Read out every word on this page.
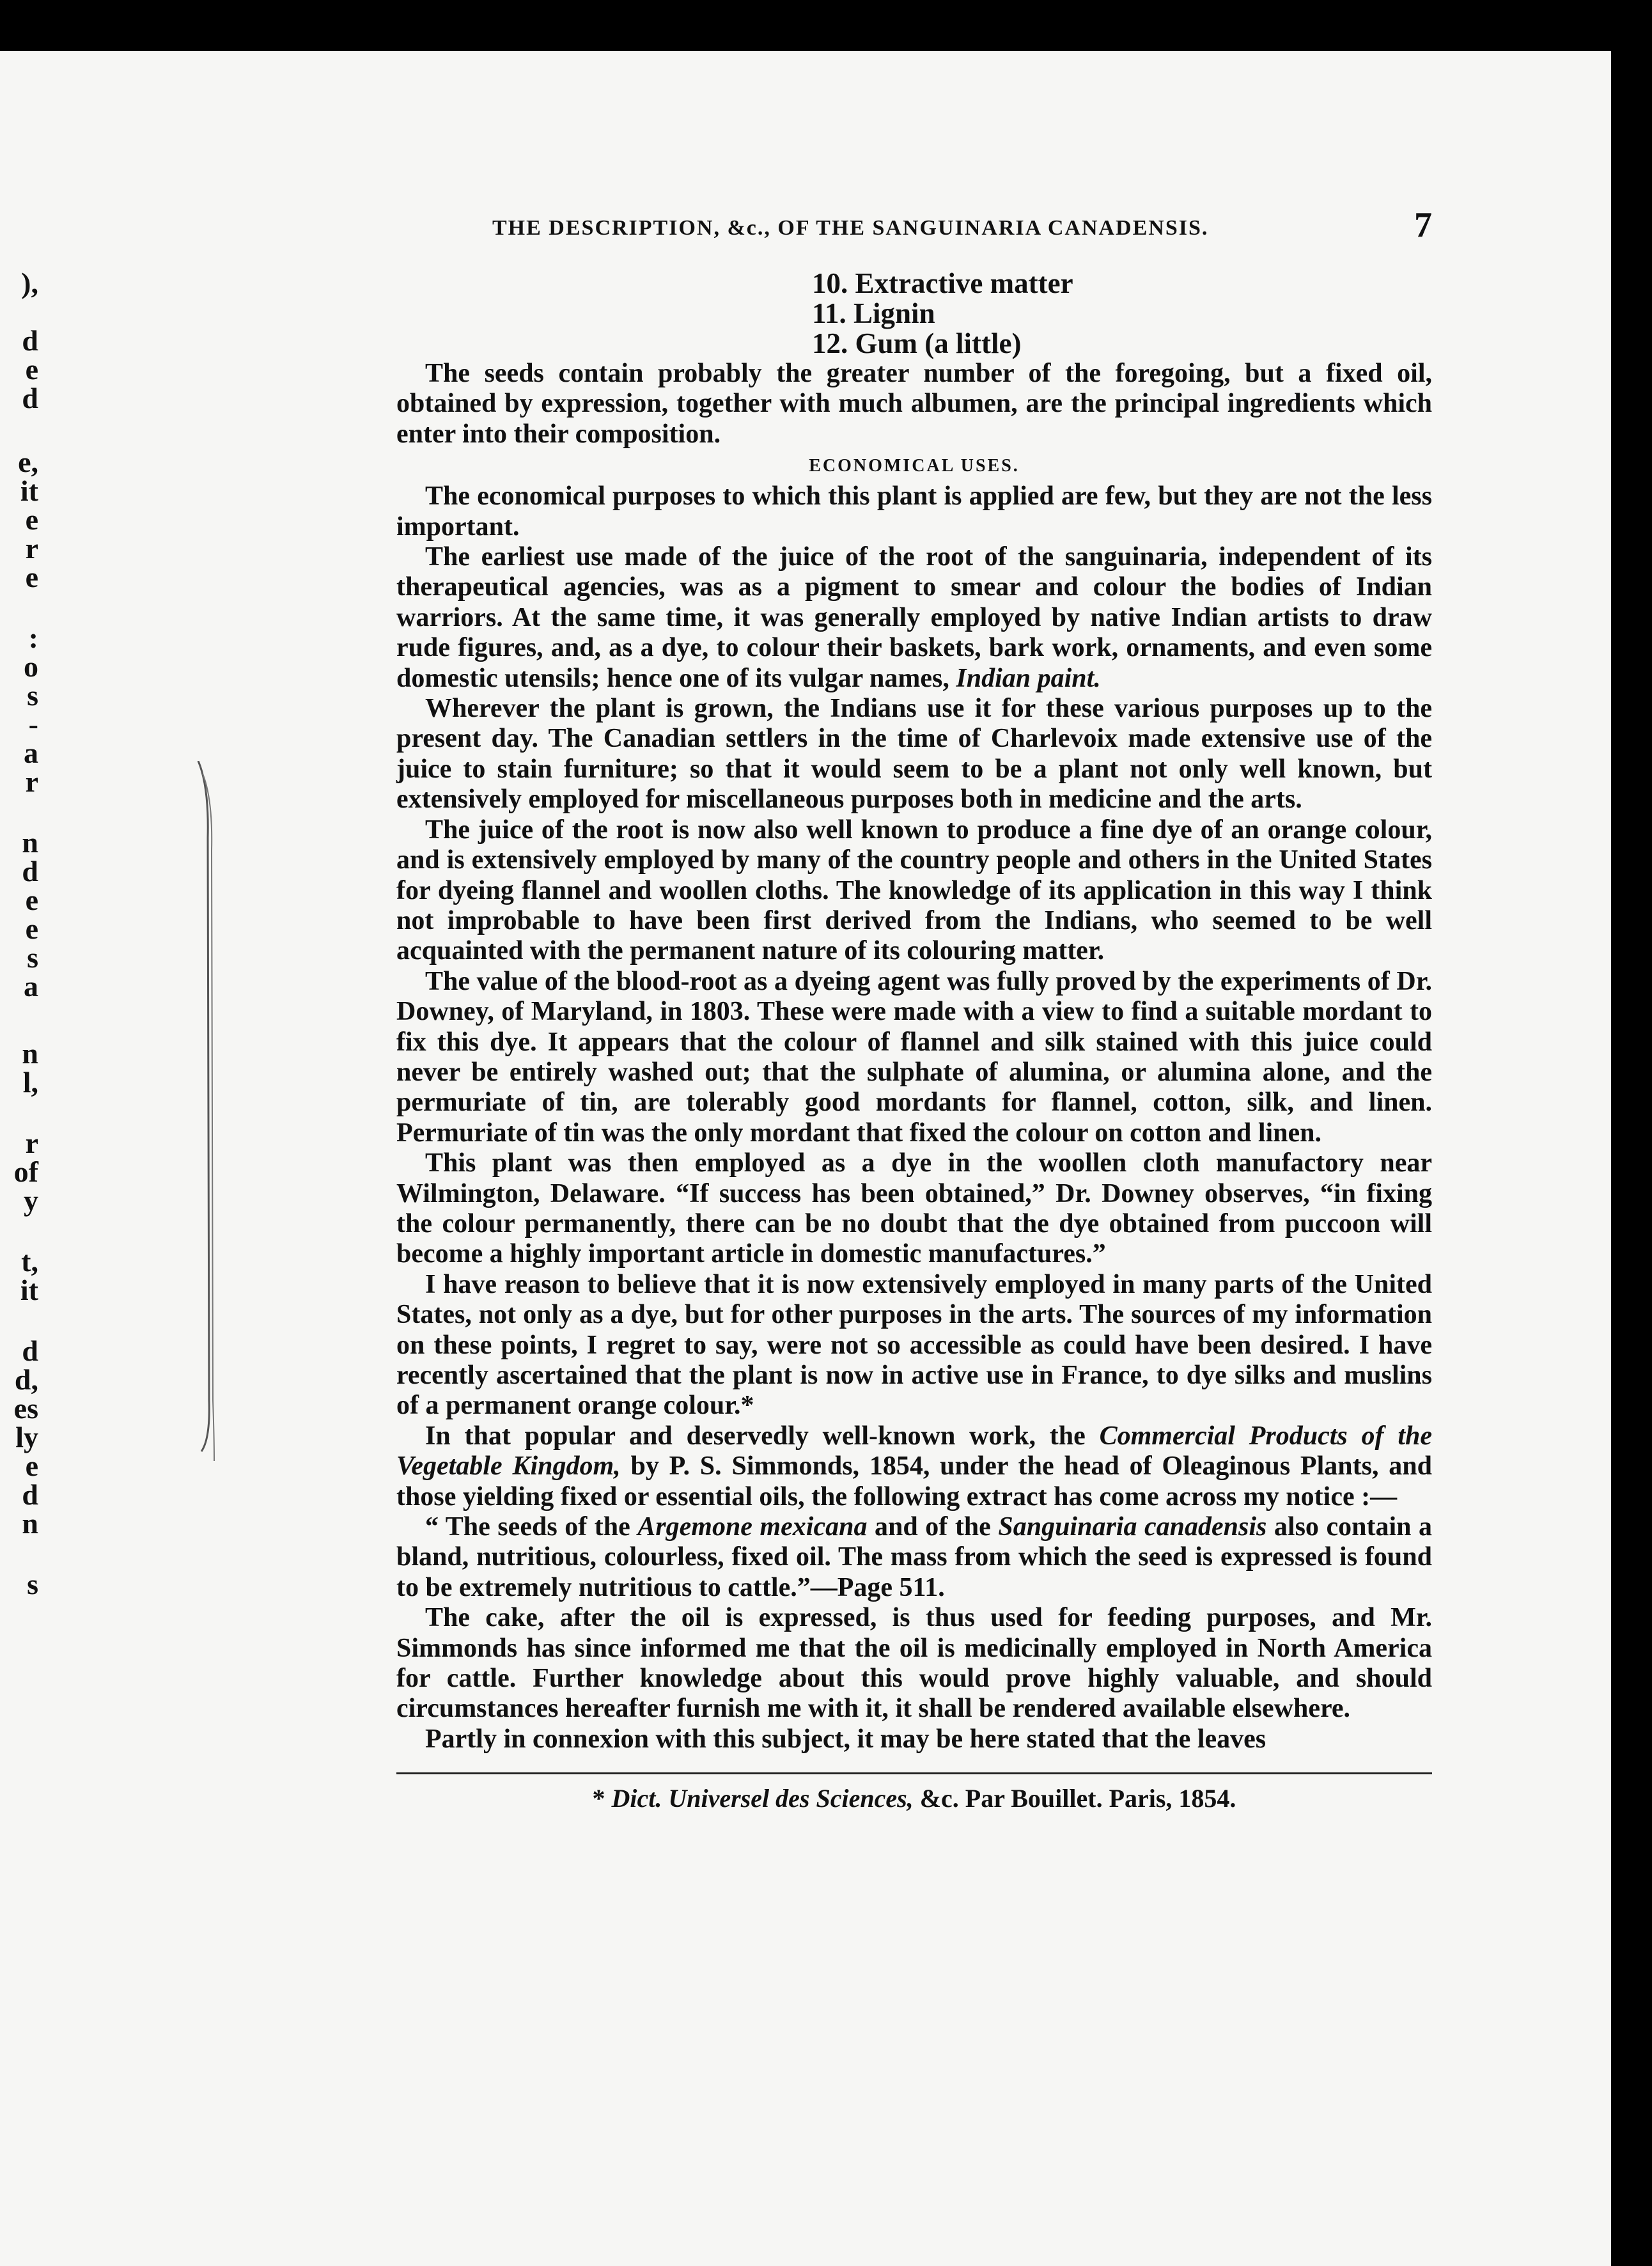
),
d
e
d
e,
it
e
r
e
:
o
s
-
a
r
n
d
e
e
s
a
n
l,
r
of
y
t,
it
d
d,
es
ly
e
d
n
s
THE DESCRIPTION, &c., OF THE SANGUINARIA CANADENSIS.	7
10. Extractive matter
11. Lignin
12. Gum (a little)

The seeds contain probably the greater number of the foregoing, but a fixed oil, obtained by expression, together with much albumen, are the principal ingredients which enter into their composition.

ECONOMICAL USES.

The economical purposes to which this plant is applied are few, but they are not the less important.

The earliest use made of the juice of the root of the sanguinaria, independent of its therapeutical agencies, was as a pigment to smear and colour the bodies of Indian warriors. At the same time, it was generally employed by native Indian artists to draw rude figures, and, as a dye, to colour their baskets, bark work, ornaments, and even some domestic utensils; hence one of its vulgar names, Indian paint.

Wherever the plant is grown, the Indians use it for these various purposes up to the present day. The Canadian settlers in the time of Charlevoix made extensive use of the juice to stain furniture; so that it would seem to be a plant not only well known, but extensively employed for miscellaneous purposes both in medicine and the arts.

The juice of the root is now also well known to produce a fine dye of an orange colour, and is extensively employed by many of the country people and others in the United States for dyeing flannel and woollen cloths. The knowledge of its application in this way I think not improbable to have been first derived from the Indians, who seemed to be well acquainted with the permanent nature of its colouring matter.

The value of the blood-root as a dyeing agent was fully proved by the experiments of Dr. Downey, of Maryland, in 1803. These were made with a view to find a suitable mordant to fix this dye. It appears that the colour of flannel and silk stained with this juice could never be entirely washed out; that the sulphate of alumina, or alumina alone, and the permuriate of tin, are tolerably good mordants for flannel, cotton, silk, and linen. Permuriate of tin was the only mordant that fixed the colour on cotton and linen.

This plant was then employed as a dye in the woollen cloth manufactory near Wilmington, Delaware. “If success has been obtained,” Dr. Downey observes, “in fixing the colour permanently, there can be no doubt that the dye obtained from puccoon will become a highly important article in domestic manufactures.”

I have reason to believe that it is now extensively employed in many parts of the United States, not only as a dye, but for other purposes in the arts. The sources of my information on these points, I regret to say, were not so accessible as could have been desired. I have recently ascertained that the plant is now in active use in France, to dye silks and muslins of a permanent orange colour.*

In that popular and deservedly well-known work, the Commercial Products of the Vegetable Kingdom, by P. S. Simmonds, 1854, under the head of Oleaginous Plants, and those yielding fixed or essential oils, the following extract has come across my notice :—

“ The seeds of the Argemone mexicana and of the Sanguinaria canadensis also contain a bland, nutritious, colourless, fixed oil. The mass from which the seed is expressed is found to be extremely nutritious to cattle.”—Page 511.

The cake, after the oil is expressed, is thus used for feeding purposes, and Mr. Simmonds has since informed me that the oil is medicinally employed in North America for cattle. Further knowledge about this would prove highly valuable, and should circumstances hereafter furnish me with it, it shall be rendered available elsewhere.

Partly in connexion with this subject, it may be here stated that the leaves

* Dict. Universel des Sciences, &c. Par Bouillet. Paris, 1854.
